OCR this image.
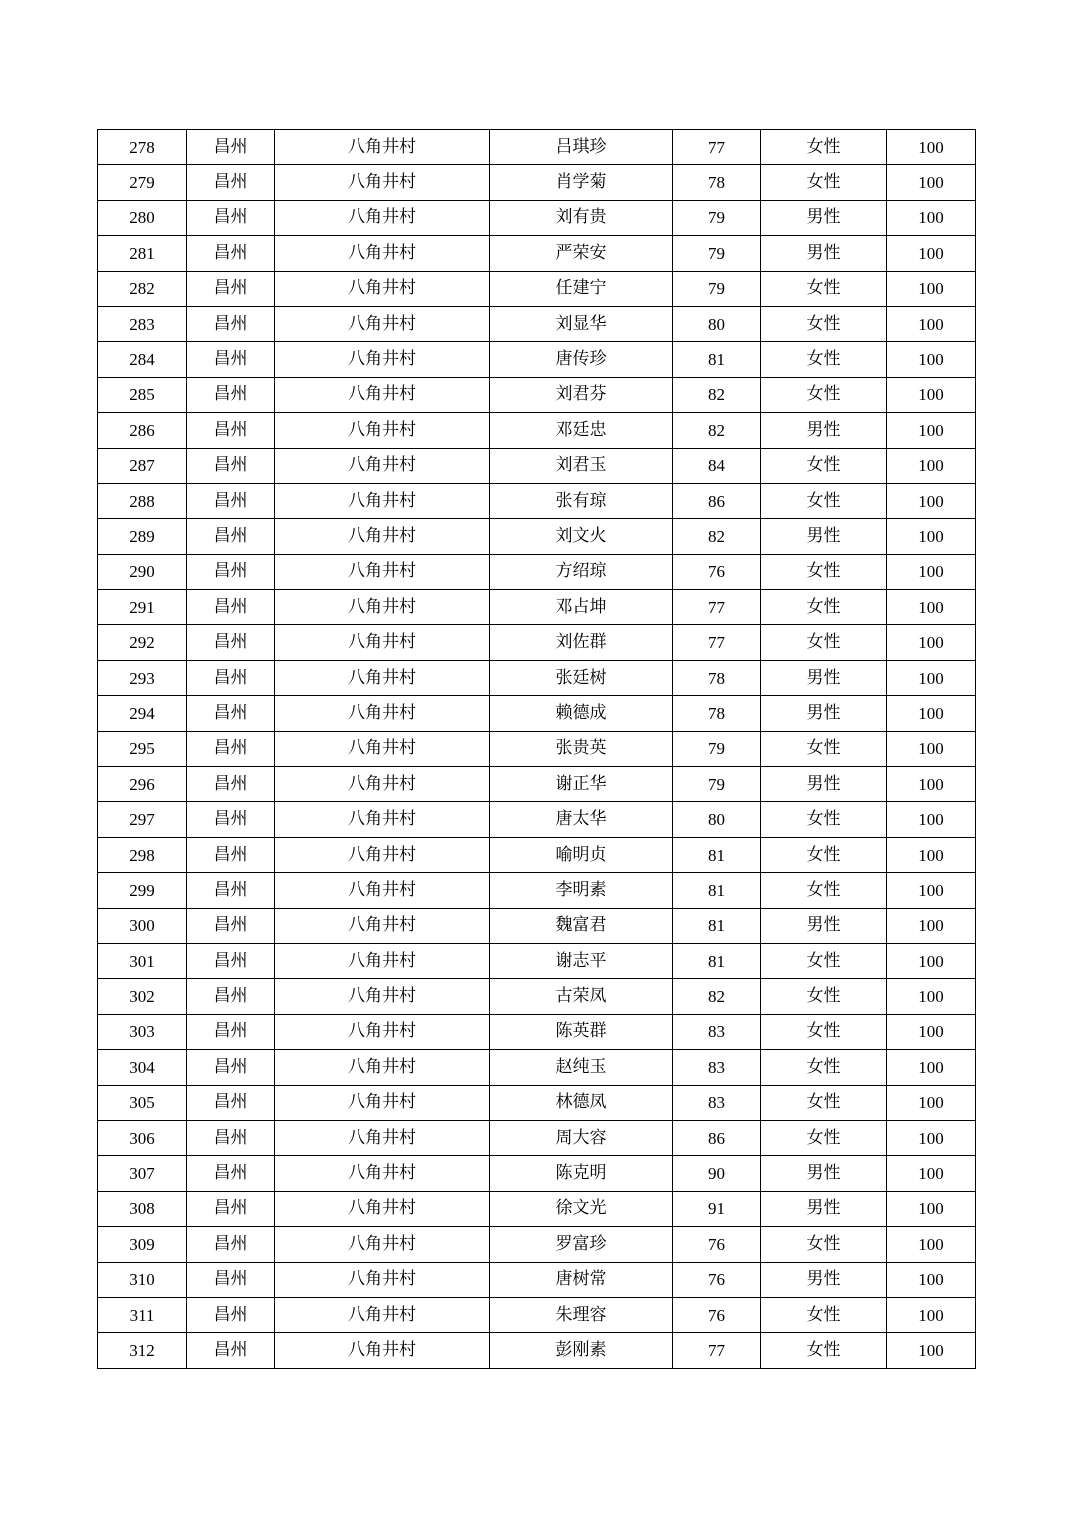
278	昌州	八角井村	吕琪珍	77	女性	100
279	昌州	八角井村	肖学菊	78	女性	100
280	昌州	八角井村	刘有贵	79	男性	100
281	昌州	八角井村	严荣安	79	男性	100
282	昌州	八角井村	任建宁	79	女性	100
283	昌州	八角井村	刘显华	80	女性	100
284	昌州	八角井村	唐传珍	81	女性	100
285	昌州	八角井村	刘君芬	82	女性	100
286	昌州	八角井村	邓廷忠	82	男性	100
287	昌州	八角井村	刘君玉	84	女性	100
288	昌州	八角井村	张有琼	86	女性	100
289	昌州	八角井村	刘文火	82	男性	100
290	昌州	八角井村	方绍琼	76	女性	100
291	昌州	八角井村	邓占坤	77	女性	100
292	昌州	八角井村	刘佐群	77	女性	100
293	昌州	八角井村	张廷树	78	男性	100
294	昌州	八角井村	赖德成	78	男性	100
295	昌州	八角井村	张贵英	79	女性	100
296	昌州	八角井村	谢正华	79	男性	100
297	昌州	八角井村	唐太华	80	女性	100
298	昌州	八角井村	喻明贞	81	女性	100
299	昌州	八角井村	李明素	81	女性	100
300	昌州	八角井村	魏富君	81	男性	100
301	昌州	八角井村	谢志平	81	女性	100
302	昌州	八角井村	古荣凤	82	女性	100
303	昌州	八角井村	陈英群	83	女性	100
304	昌州	八角井村	赵纯玉	83	女性	100
305	昌州	八角井村	林德凤	83	女性	100
306	昌州	八角井村	周大容	86	女性	100
307	昌州	八角井村	陈克明	90	男性	100
308	昌州	八角井村	徐文光	91	男性	100
309	昌州	八角井村	罗富珍	76	女性	100
310	昌州	八角井村	唐树常	76	男性	100
311	昌州	八角井村	朱理容	76	女性	100
312	昌州	八角井村	彭刚素	77	女性	100
